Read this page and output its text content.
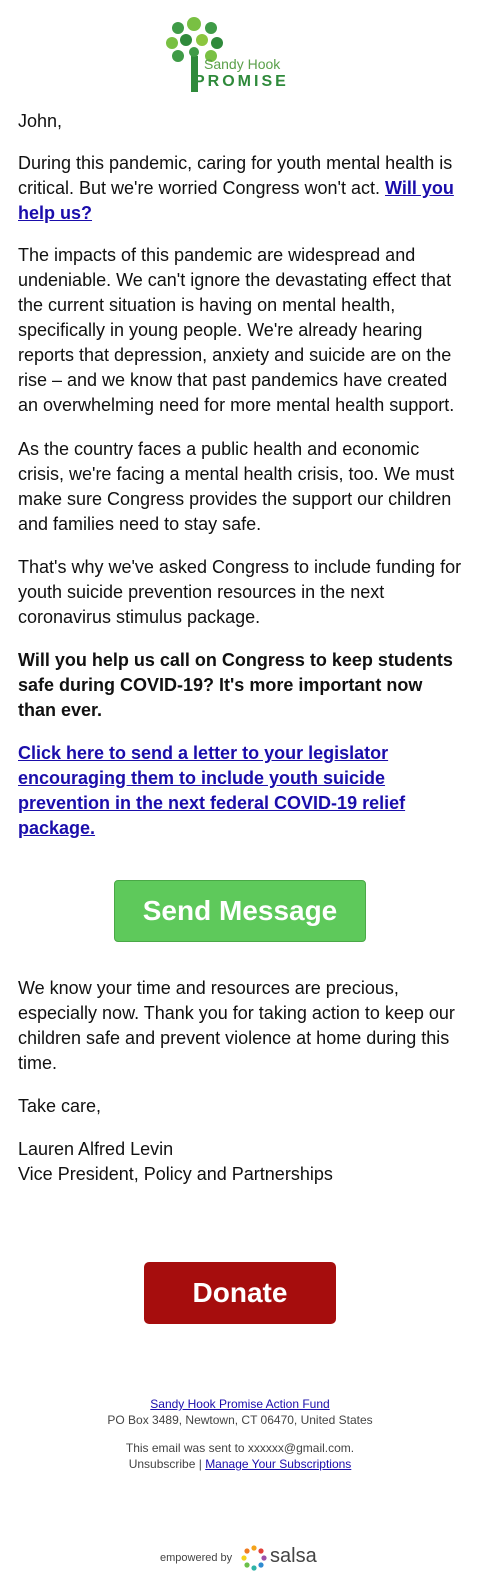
Sandy Hook
PROMISE

John,

During this pandemic, caring for youth mental health is critical. But we're worried Congress won't act. Will you help us?

The impacts of this pandemic are widespread and undeniable. We can't ignore the devastating effect that the current situation is having on mental health, specifically in young people. We're already hearing reports that depression, anxiety and suicide are on the rise – and we know that past pandemics have created an overwhelming need for more mental health support.

As the country faces a public health and economic crisis, we're facing a mental health crisis, too. We must make sure Congress provides the support our children and families need to stay safe.

That's why we've asked Congress to include funding for youth suicide prevention resources in the next coronavirus stimulus package.

Will you help us call on Congress to keep students safe during COVID-19? It's more important now than ever.

Click here to send a letter to your legislator encouraging them to include youth suicide prevention in the next federal COVID-19 relief package.

Send Message

We know your time and resources are precious, especially now. Thank you for taking action to keep our children safe and prevent violence at home during this time.

Take care,

Lauren Alfred Levin
Vice President, Policy and Partnerships

Donate
Sandy Hook Promise Action Fund
PO Box 3489, Newtown, CT 06470, United States
This email was sent to xxxxxx@gmail.com.
Unsubscribe | Manage Your Subscriptions
empowered by salsa
